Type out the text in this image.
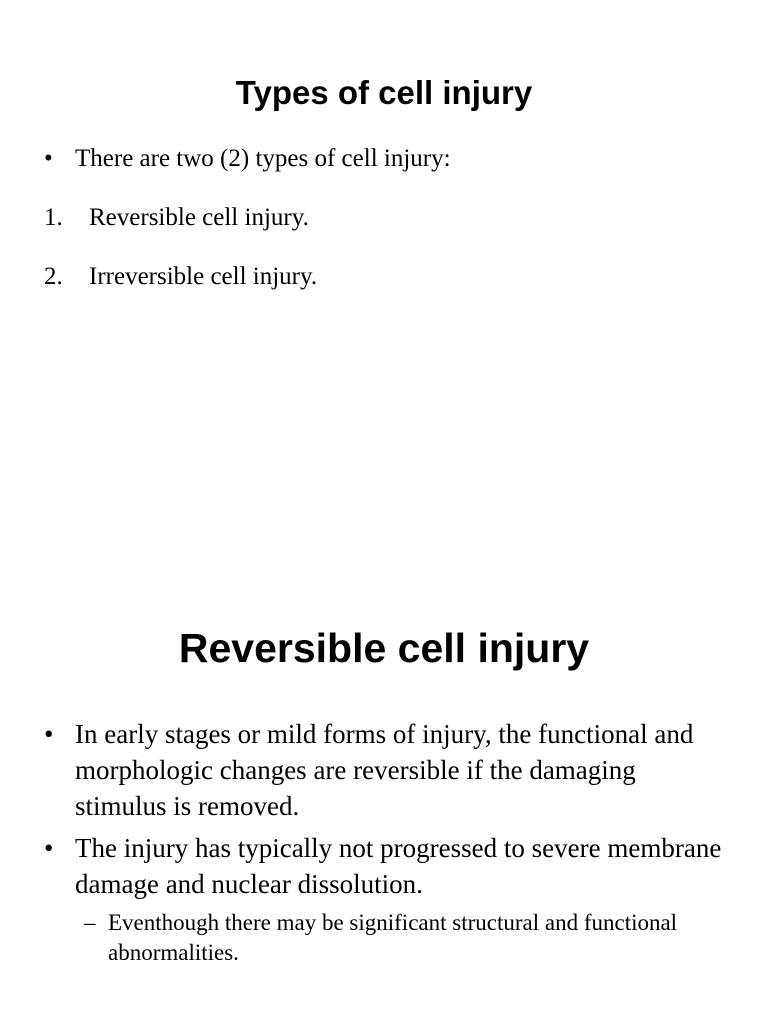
Types of cell injury
• There are two (2) types of cell injury:
1. Reversible cell injury.
2. Irreversible cell injury.
Reversible cell injury
• In early stages or mild forms of injury, the functional and morphologic changes are reversible if the damaging stimulus is removed.
• The injury has typically not progressed to severe membrane damage and nuclear dissolution.
– Eventhough there may be significant structural and functional abnormalities.
